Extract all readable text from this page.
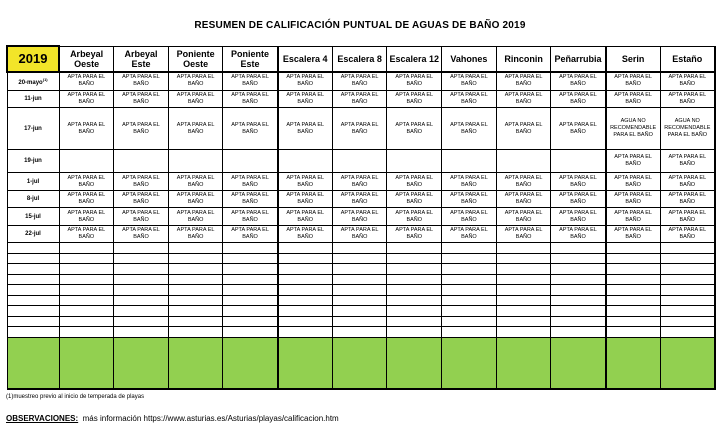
RESUMEN DE CALIFICACIÓN PUNTUAL DE AGUAS DE BAÑO 2019
2019	Arbeyal Oeste	Arbeyal Este	Poniente Oeste	Poniente Este	Escalera 4	Escalera 8	Escalera 12	Vahones	Rinconin	Peñarrubia	Serin	Estaño
20-mayo$^{(1)}$	APTA PARA EL BAÑO	APTA PARA EL BAÑO	APTA PARA EL BAÑO	APTA PARA EL BAÑO	APTA PARA EL BAÑO	APTA PARA EL BAÑO	APTA PARA EL BAÑO	APTA PARA EL BAÑO	APTA PARA EL BAÑO	APTA PARA EL BAÑO	APTA PARA EL BAÑO	APTA PARA EL BAÑO
11-jun	APTA PARA EL BAÑO	APTA PARA EL BAÑO	APTA PARA EL BAÑO	APTA PARA EL BAÑO	APTA PARA EL BAÑO	APTA PARA EL BAÑO	APTA PARA EL BAÑO	APTA PARA EL BAÑO	APTA PARA EL BAÑO	APTA PARA EL BAÑO	APTA PARA EL BAÑO	APTA PARA EL BAÑO
17-jun	APTA PARA EL BAÑO	APTA PARA EL BAÑO	APTA PARA EL BAÑO	APTA PARA EL BAÑO	APTA PARA EL BAÑO	APTA PARA EL BAÑO	APTA PARA EL BAÑO	APTA PARA EL BAÑO	APTA PARA EL BAÑO	APTA PARA EL BAÑO	AGUA NO RECOMENDABLE PARA EL BAÑO	AGUA NO RECOMENDABLE PARA EL BAÑO
19-jun											APTA PARA EL BAÑO	APTA PARA EL BAÑO
1-jul	APTA PARA EL BAÑO	APTA PARA EL BAÑO	APTA PARA EL BAÑO	APTA PARA EL BAÑO	APTA PARA EL BAÑO	APTA PARA EL BAÑO	APTA PARA EL BAÑO	APTA PARA EL BAÑO	APTA PARA EL BAÑO	APTA PARA EL BAÑO	APTA PARA EL BAÑO	APTA PARA EL BAÑO
8-jul	APTA PARA EL BAÑO	APTA PARA EL BAÑO	APTA PARA EL BAÑO	APTA PARA EL BAÑO	APTA PARA EL BAÑO	APTA PARA EL BAÑO	APTA PARA EL BAÑO	APTA PARA EL BAÑO	APTA PARA EL BAÑO	APTA PARA EL BAÑO	APTA PARA EL BAÑO	APTA PARA EL BAÑO
15-jul	APTA PARA EL BAÑO	APTA PARA EL BAÑO	APTA PARA EL BAÑO	APTA PARA EL BAÑO	APTA PARA EL BAÑO	APTA PARA EL BAÑO	APTA PARA EL BAÑO	APTA PARA EL BAÑO	APTA PARA EL BAÑO	APTA PARA EL BAÑO	APTA PARA EL BAÑO	APTA PARA EL BAÑO
22-jul	APTA PARA EL BAÑO	APTA PARA EL BAÑO	APTA PARA EL BAÑO	APTA PARA EL BAÑO	APTA PARA EL BAÑO	APTA PARA EL BAÑO	APTA PARA EL BAÑO	APTA PARA EL BAÑO	APTA PARA EL BAÑO	APTA PARA EL BAÑO	APTA PARA EL BAÑO	APTA PARA EL BAÑO

(1)muestreo previo al inicio de temperada de playas
OBSERVACIONES: más información https://www.asturias.es/Asturias/playas/calificacion.htm
